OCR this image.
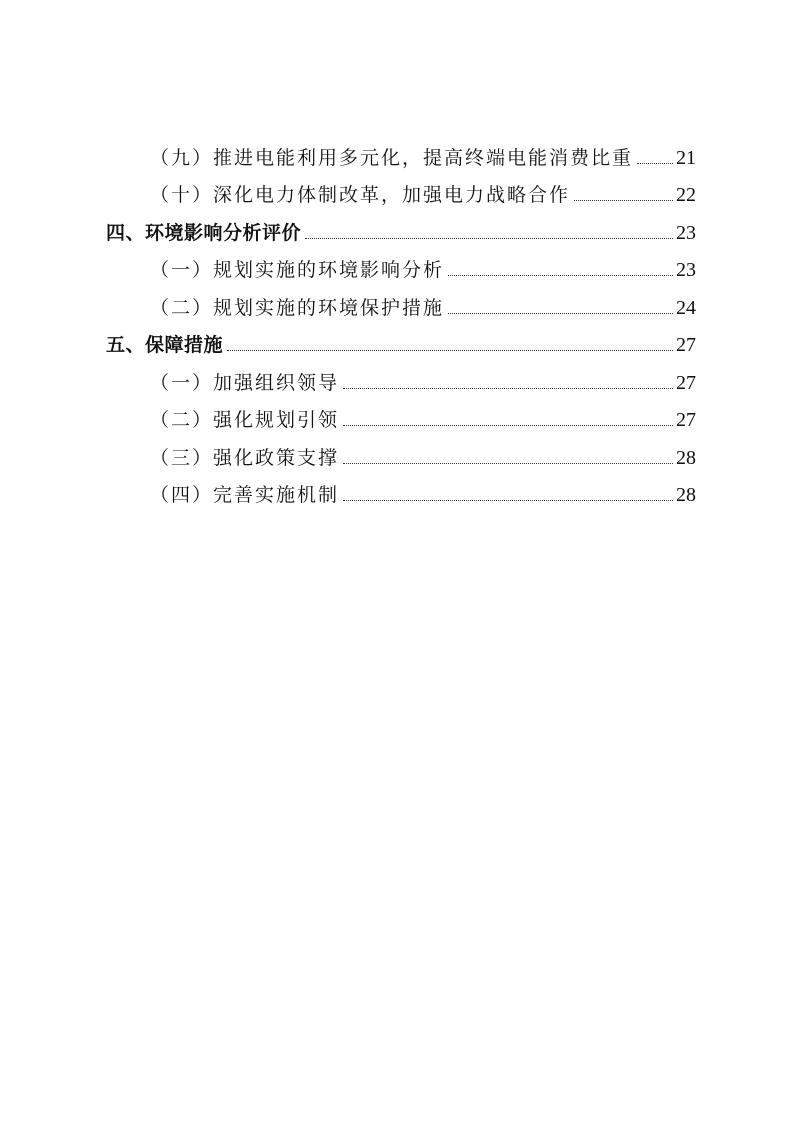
（九）推进电能利用多元化，提高终端电能消费比重 21
（十）深化电力体制改革，加强电力战略合作	22
四、环境影响分析评价	23
（一）规划实施的环境影响分析	23
（二）规划实施的环境保护措施	24
五、保障措施	27
（一）加强组织领导	27
（二）强化规划引领	27
（三）强化政策支撑	28
（四）完善实施机制	28
